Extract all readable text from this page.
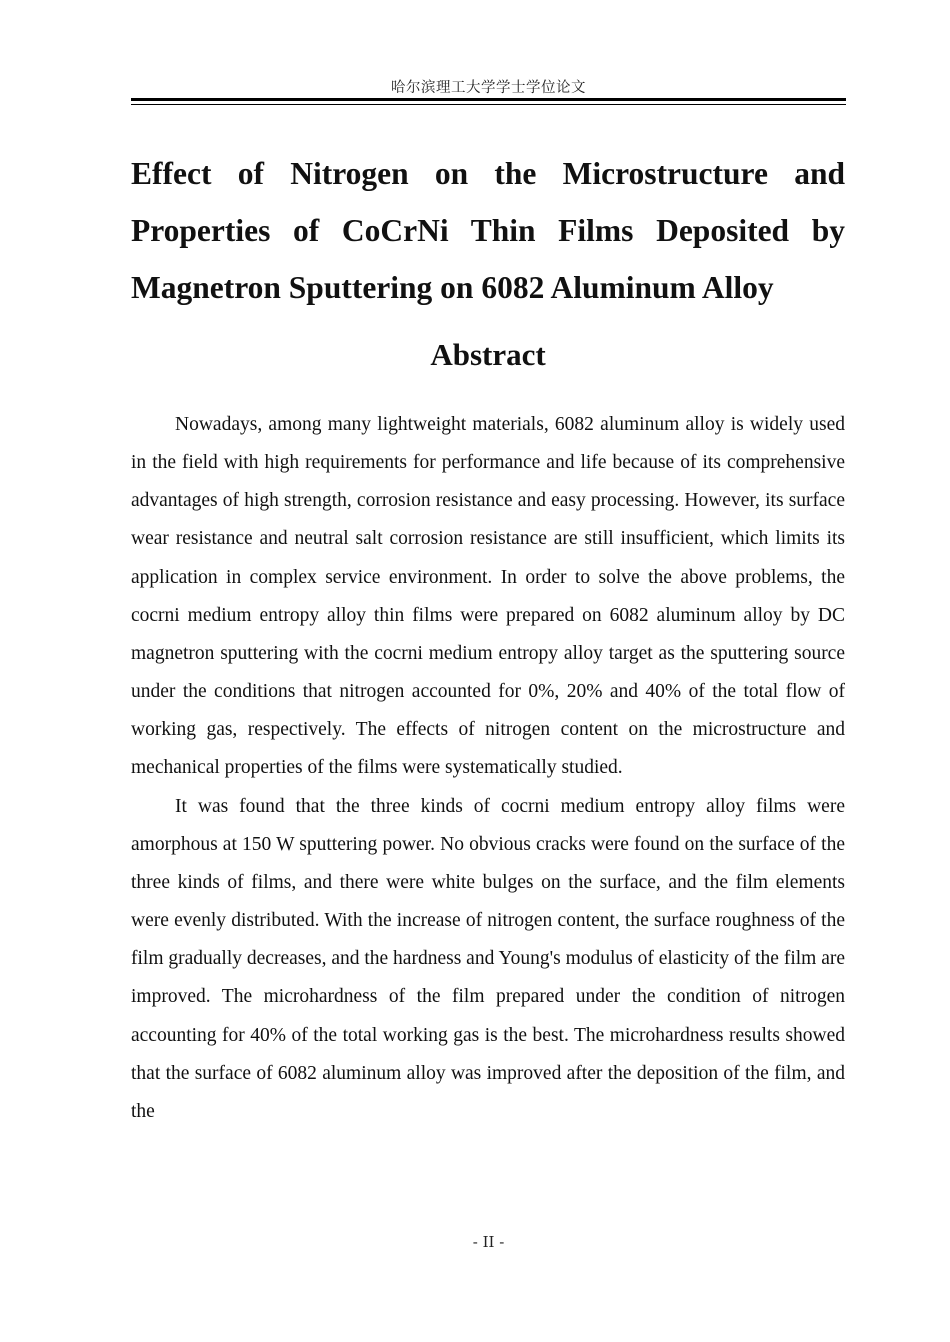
哈尔滨理工大学学士学位论文
Effect of Nitrogen on the Microstructure and Properties of CoCrNi Thin Films Deposited by Magnetron Sputtering on 6082 Aluminum Alloy
Abstract

Nowadays, among many lightweight materials, 6082 aluminum alloy is widely used in the field with high requirements for performance and life because of its comprehensive advantages of high strength, corrosion resistance and easy processing. However, its surface wear resistance and neutral salt corrosion resistance are still insufficient, which limits its application in complex service environment. In order to solve the above problems, the cocrni medium entropy alloy thin films were prepared on 6082 aluminum alloy by DC magnetron sputtering with the cocrni medium entropy alloy target as the sputtering source under the conditions that nitrogen accounted for 0%, 20% and 40% of the total flow of working gas, respectively. The effects of nitrogen content on the microstructure and mechanical properties of the films were systematically studied.

It was found that the three kinds of cocrni medium entropy alloy films were amorphous at 150 W sputtering power. No obvious cracks were found on the surface of the three kinds of films, and there were white bulges on the surface, and the film elements were evenly distributed. With the increase of nitrogen content, the surface roughness of the film gradually decreases, and the hardness and Young's modulus of elasticity of the film are improved. The microhardness of the film prepared under the condition of nitrogen accounting for 40% of the total working gas is the best. The microhardness results showed that the surface of 6082 aluminum alloy was improved after the deposition of the film, and the

- II -
